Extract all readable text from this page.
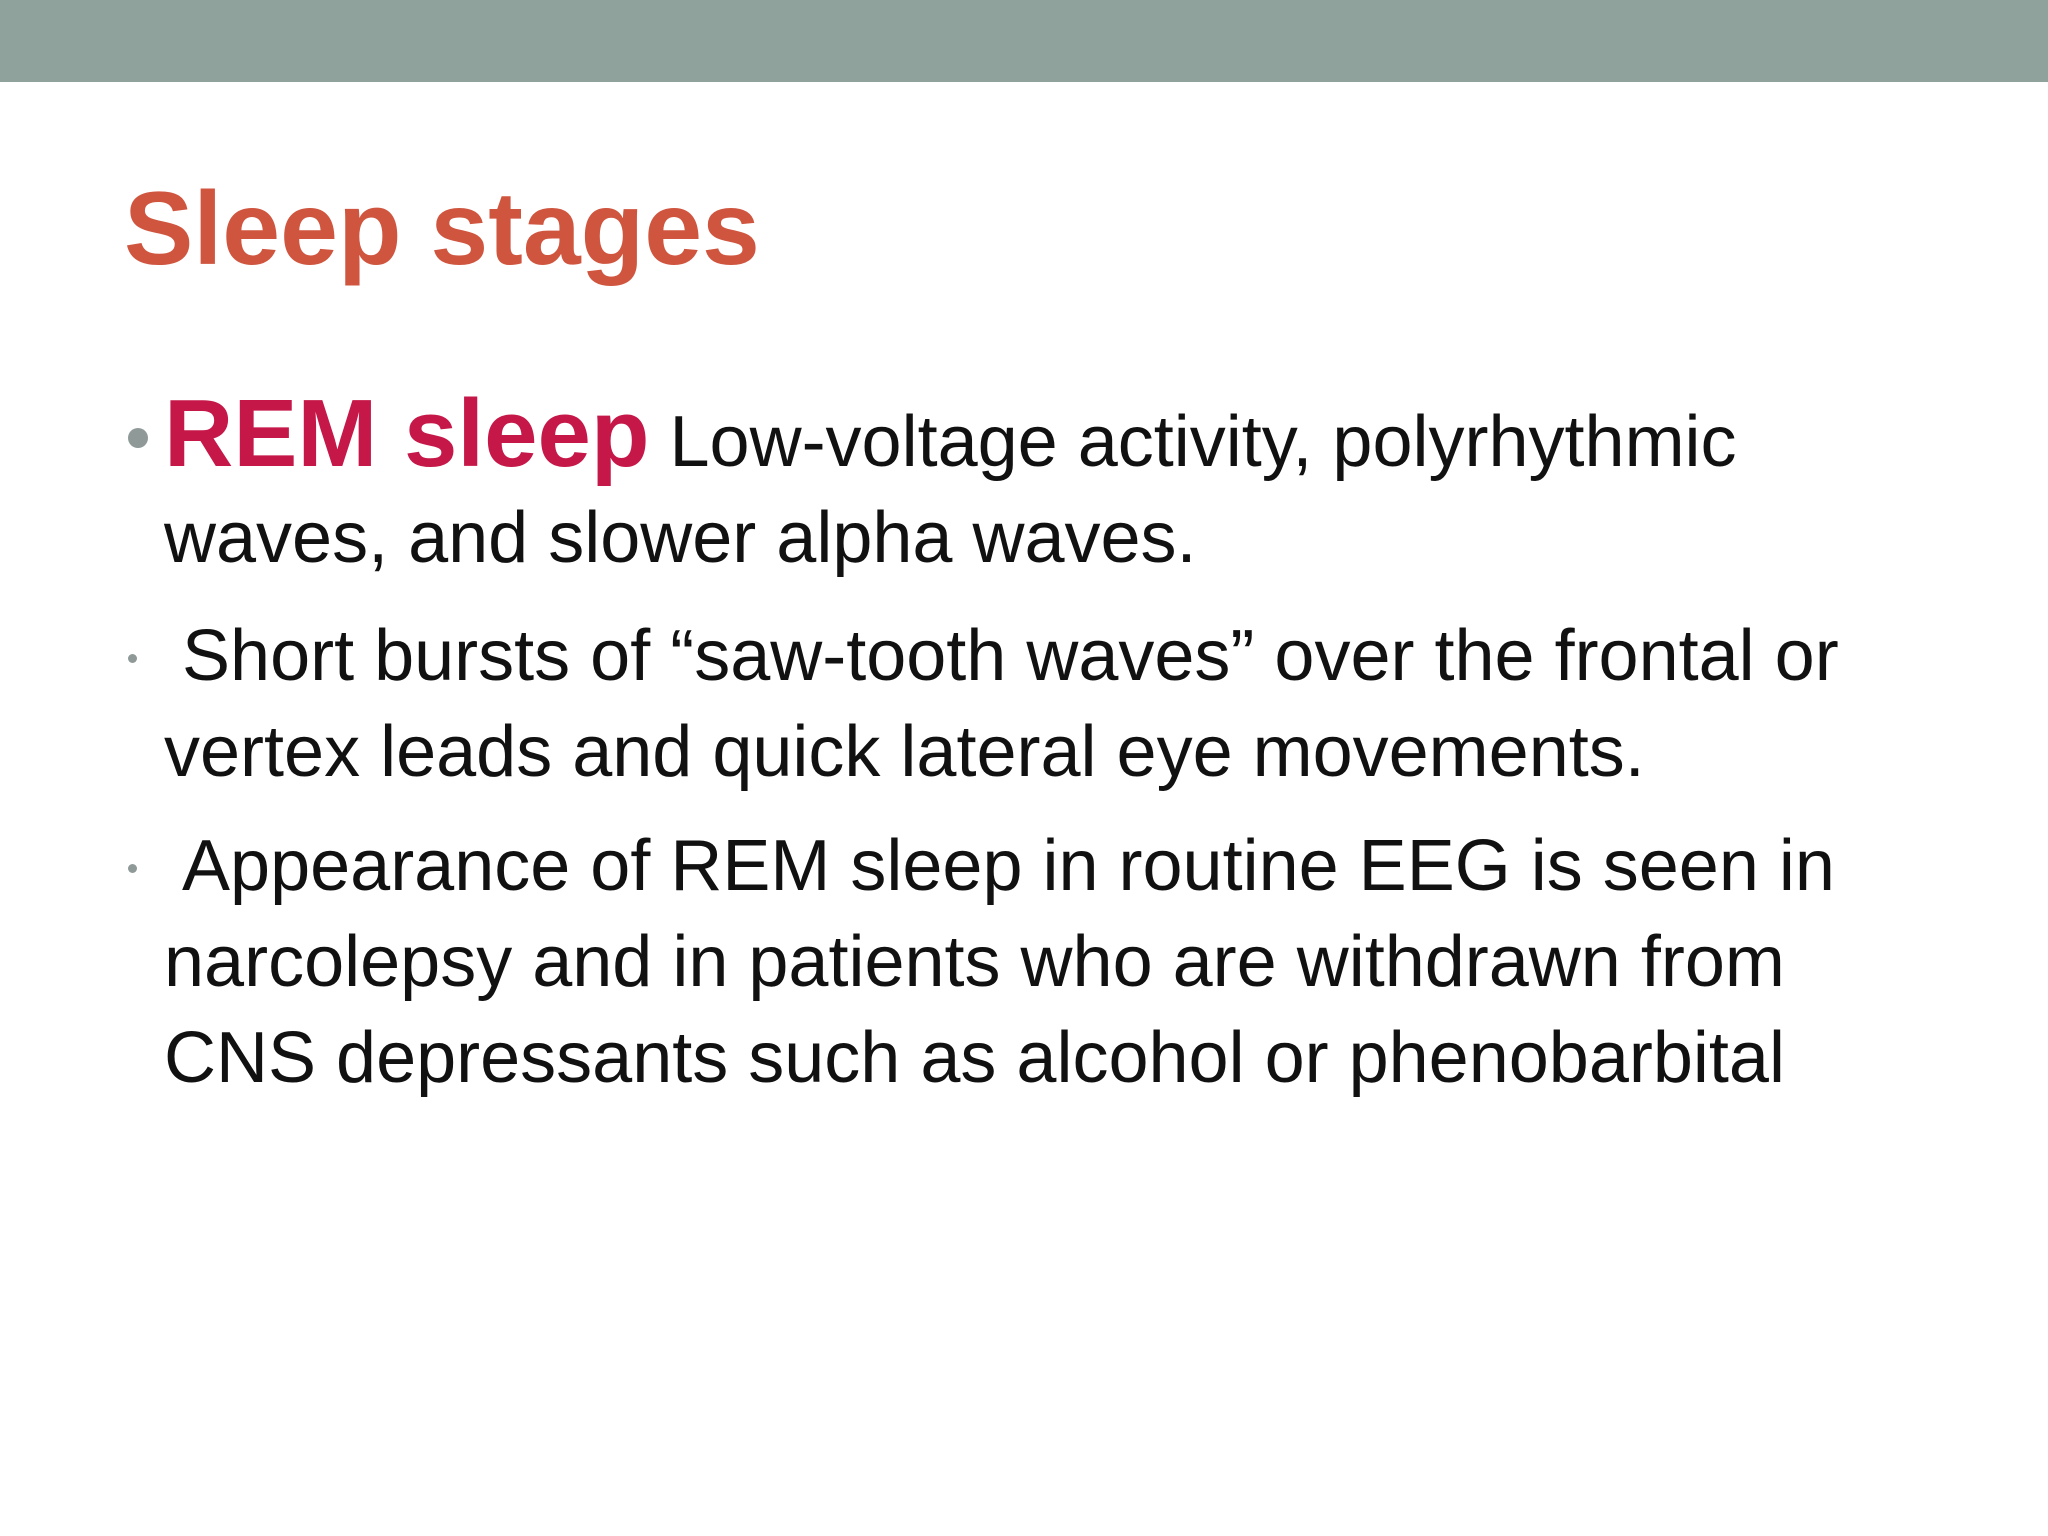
Sleep stages
REM sleep Low-voltage activity, polyrhythmic waves, and slower alpha waves.
Short bursts of “saw-tooth waves” over the frontal or vertex leads and quick lateral eye movements.
Appearance of REM sleep in routine EEG is seen in narcolepsy and in patients who are withdrawn from CNS depressants such as alcohol or phenobarbital
